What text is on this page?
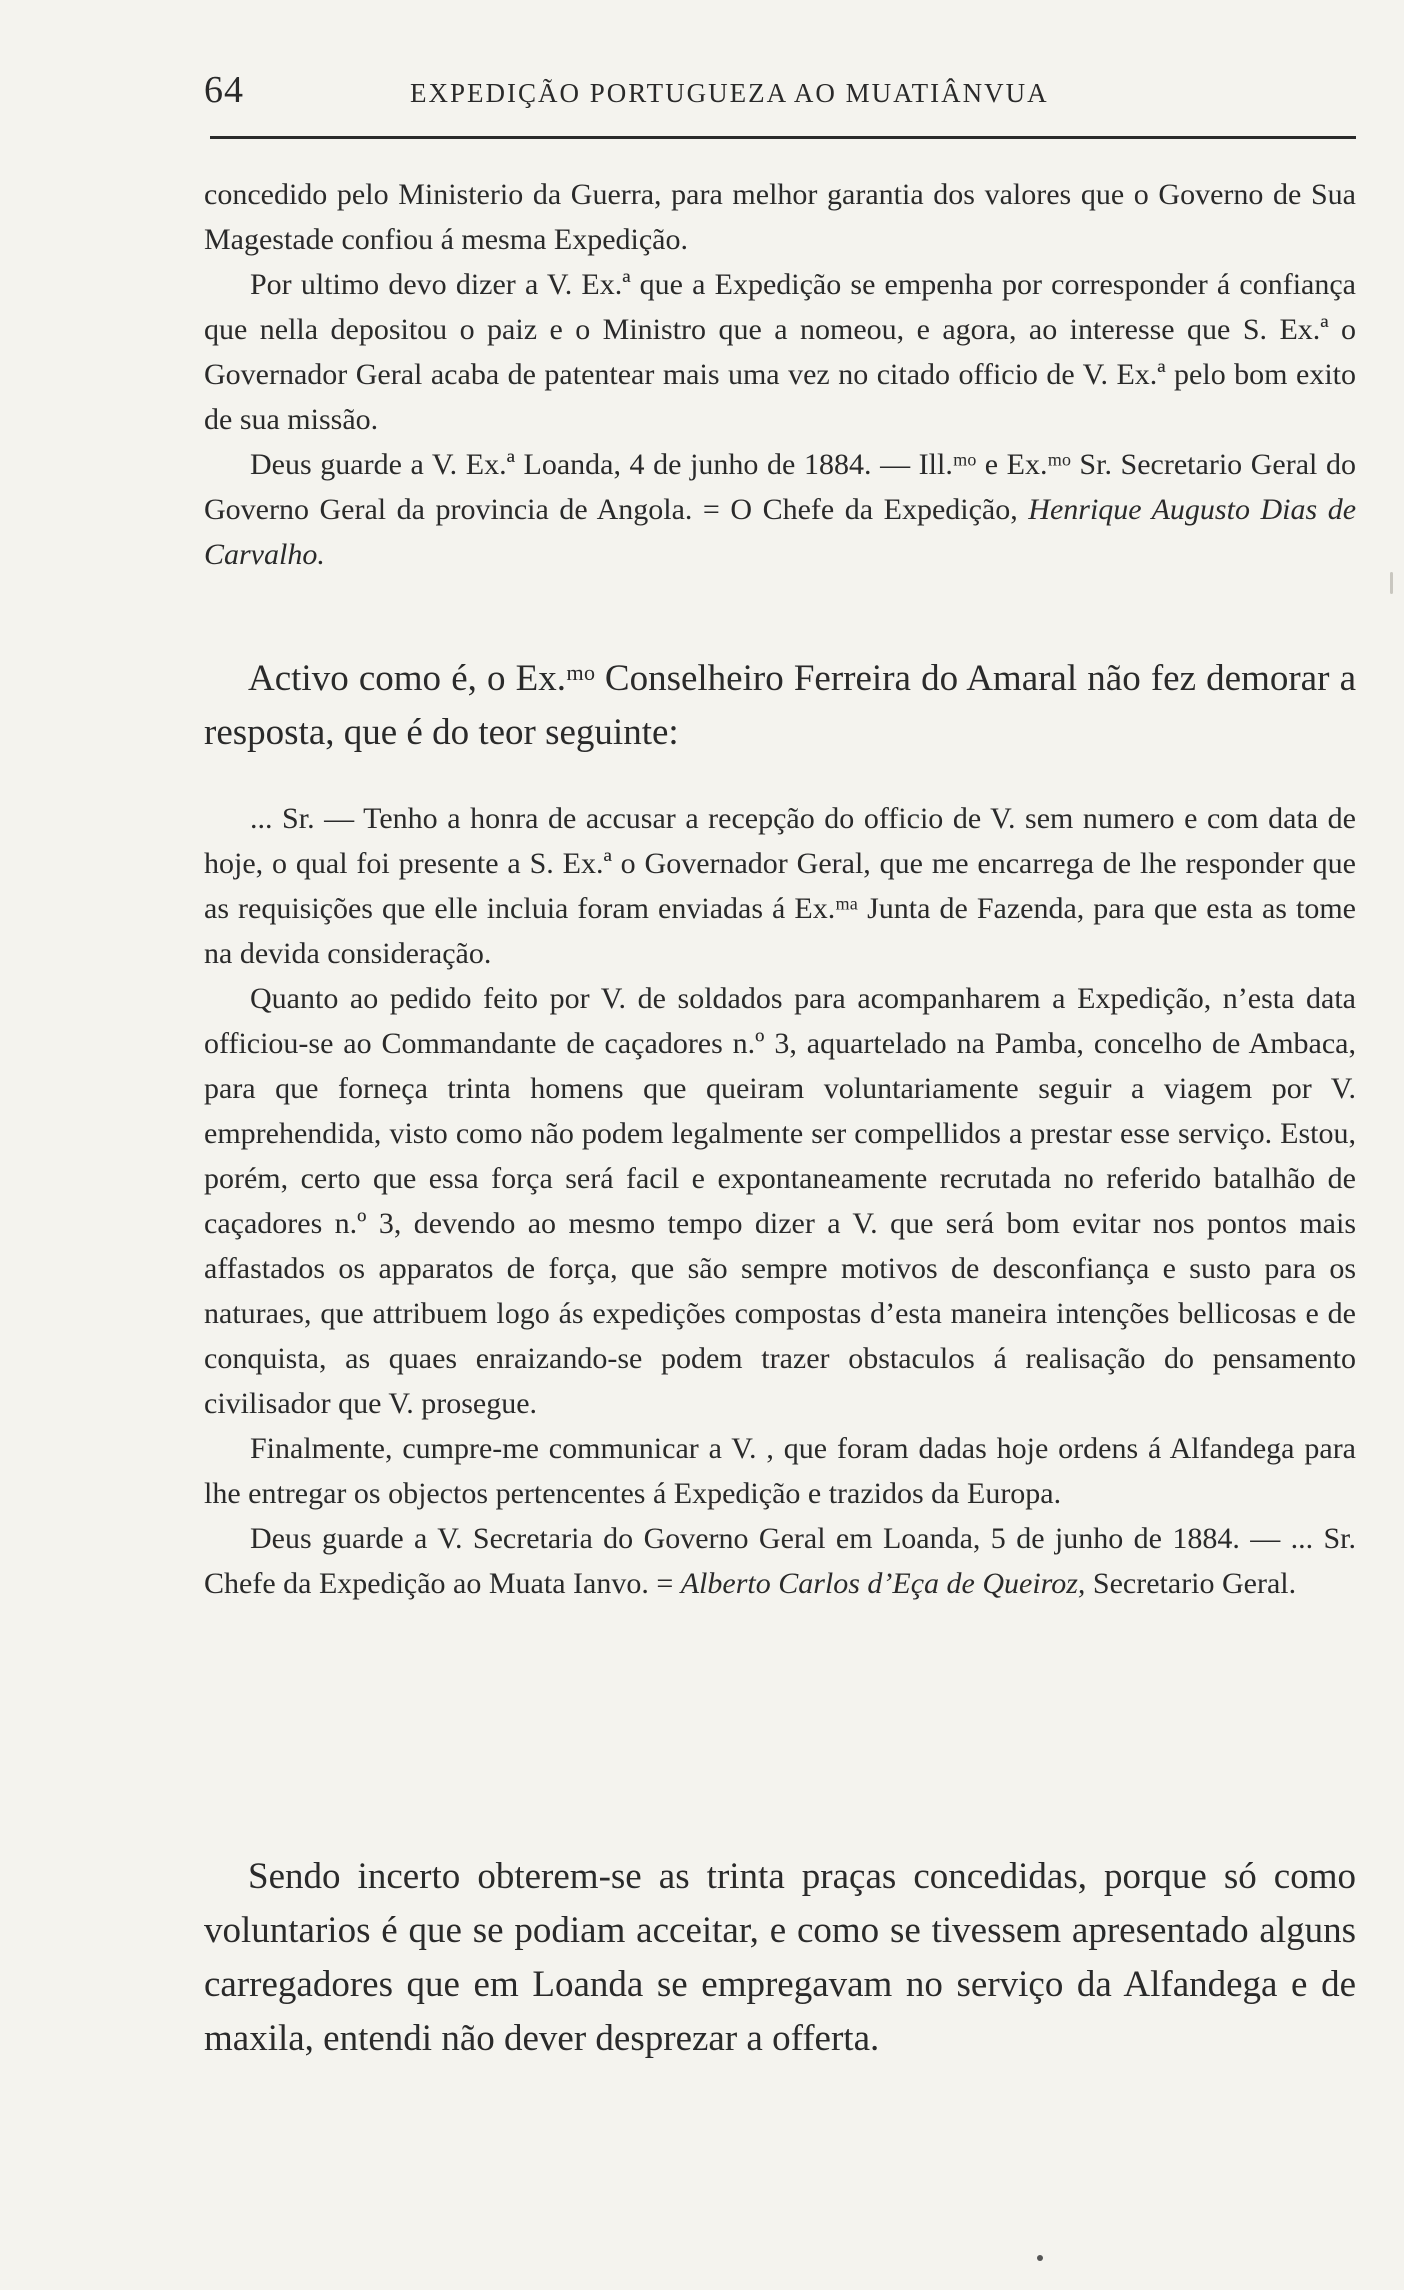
64	EXPEDIÇÃO PORTUGUEZA AO MUATIÂNVUA

concedido pelo Ministerio da Guerra, para melhor garantia dos valores que o Governo de Sua Magestade confiou á mesma Expedição.

Por ultimo devo dizer a V. Ex.ª que a Expedição se empenha por corresponder á confiança que nella depositou o paiz e o Ministro que a nomeou, e agora, ao interesse que S. Ex.ª o Governador Geral acaba de patentear mais uma vez no citado officio de V. Ex.ª pelo bom exito de sua missão.

Deus guarde a V. Ex.ª Loanda, 4 de junho de 1884. — Ill.ᵐᵒ e Ex.ᵐᵒ Sr. Secretario Geral do Governo Geral da provincia de Angola. = O Chefe da Expedição, Henrique Augusto Dias de Carvalho.

Activo como é, o Ex.ᵐᵒ Conselheiro Ferreira do Amaral não fez demorar a resposta, que é do teor seguinte:

... Sr. — Tenho a honra de accusar a recepção do officio de V. sem numero e com data de hoje, o qual foi presente a S. Ex.ª o Governador Geral, que me encarrega de lhe responder que as requisições que elle incluia foram enviadas á Ex.ᵐᵃ Junta de Fazenda, para que esta as tome na devida consideração.

Quanto ao pedido feito por V. de soldados para acompanharem a Expedição, n’esta data officiou-se ao Commandante de caçadores n.º 3, aquartelado na Pamba, concelho de Ambaca, para que forneça trinta homens que queiram voluntariamente seguir a viagem por V. emprehendida, visto como não podem legalmente ser compellidos a prestar esse serviço. Estou, porém, certo que essa força será facil e expontaneamente recrutada no referido batalhão de caçadores n.º 3, devendo ao mesmo tempo dizer a V. que será bom evitar nos pontos mais affastados os apparatos de força, que são sempre motivos de desconfiança e susto para os naturaes, que attribuem logo ás expedições compostas d’esta maneira intenções bellicosas e de conquista, as quaes enraizando-se podem trazer obstaculos á realisação do pensamento civilisador que V. prosegue.

Finalmente, cumpre-me communicar a V. , que foram dadas hoje ordens á Alfandega para lhe entregar os objectos pertencentes á Expedição e trazidos da Europa.

Deus guarde a V. Secretaria do Governo Geral em Loanda, 5 de junho de 1884. — ... Sr. Chefe da Expedição ao Muata Ianvo. = Alberto Carlos d’Eça de Queiroz, Secretario Geral.

Sendo incerto obterem-se as trinta praças concedidas, porque só como voluntarios é que se podiam acceitar, e como se tivessem apresentado alguns carregadores que em Loanda se empregavam no serviço da Alfandega e de maxila, entendi não dever desprezar a offerta.
